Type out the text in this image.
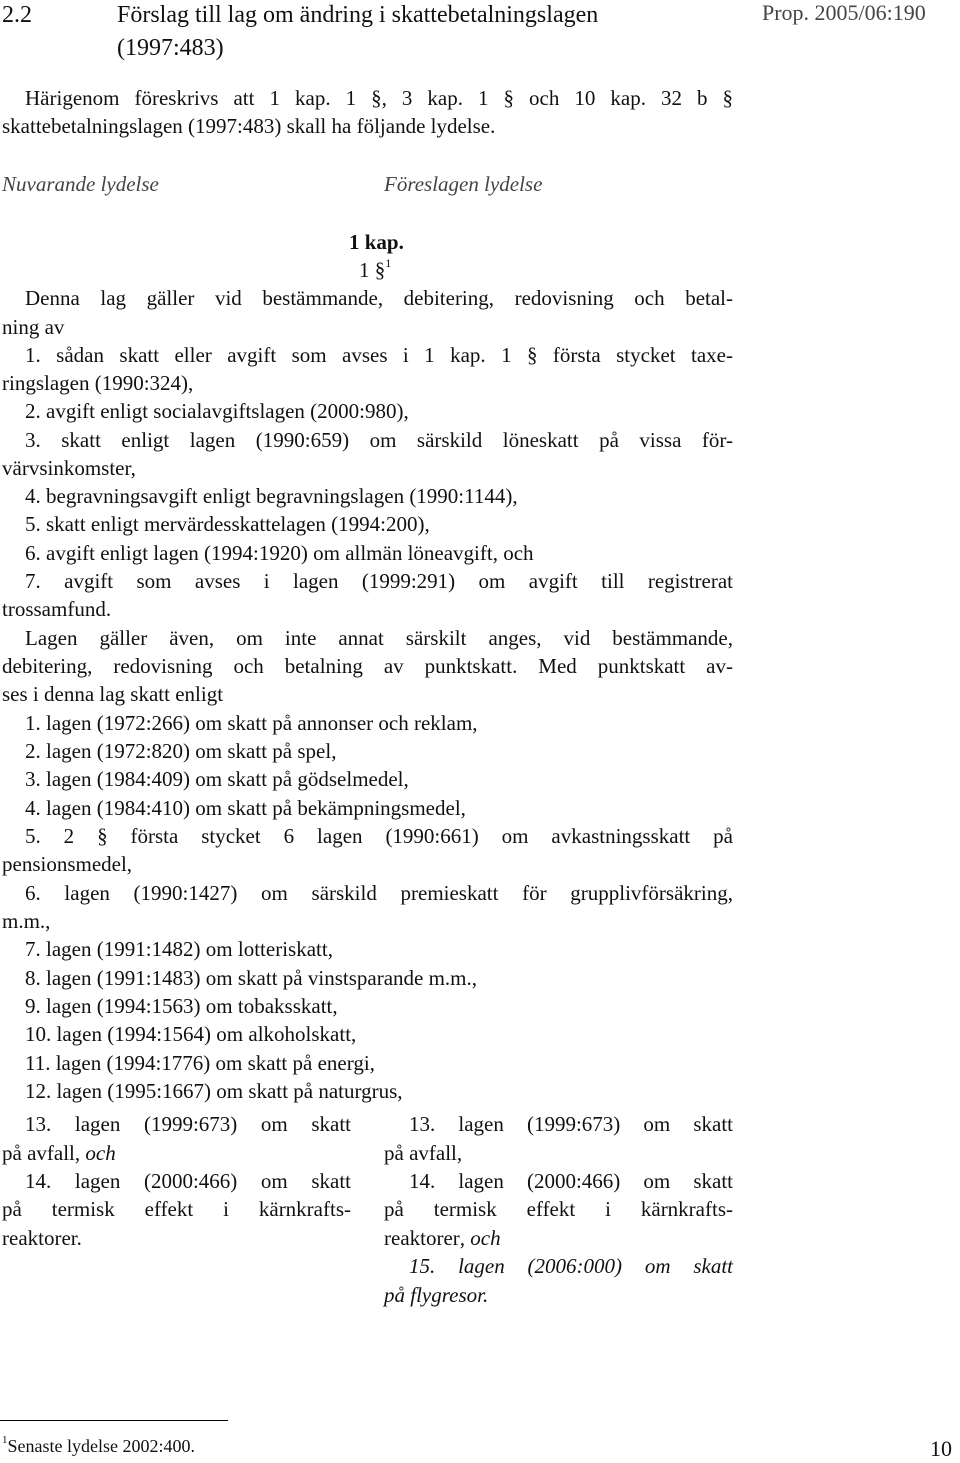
2.2	Förslag till lag om ändring i skattebetalningslagen
(1997:483)
Prop. 2005/06:190
Härigenom föreskrivs att 1 kap. 1 §, 3 kap. 1 § och 10 kap. 32 b §
skattebetalningslagen (1997:483) skall ha följande lydelse.
Nuvarande lydelse	Föreslagen lydelse
1 kap.
1 §$^1$
Denna lag gäller vid bestämmande, debitering, redovisning och betal-
ning av
1. sådan skatt eller avgift som avses i 1 kap. 1 § första stycket taxe-
ringslagen (1990:324),
2. avgift enligt socialavgiftslagen (2000:980),
3. skatt enligt lagen (1990:659) om särskild löneskatt på vissa för-
värvsinkomster,
4. begravningsavgift enligt begravningslagen (1990:1144),
5. skatt enligt mervärdesskattelagen (1994:200),
6. avgift enligt lagen (1994:1920) om allmän löneavgift, och
7. avgift som avses i lagen (1999:291) om avgift till registrerat
trossamfund.
Lagen gäller även, om inte annat särskilt anges, vid bestämmande,
debitering, redovisning och betalning av punktskatt. Med punktskatt av-
ses i denna lag skatt enligt
1. lagen (1972:266) om skatt på annonser och reklam,
2. lagen (1972:820) om skatt på spel,
3. lagen (1984:409) om skatt på gödselmedel,
4. lagen (1984:410) om skatt på bekämpningsmedel,
5. 2 § första stycket 6 lagen (1990:661) om avkastningsskatt på
pensionsmedel,
6. lagen (1990:1427) om särskild premieskatt för grupplivförsäkring,
m.m.,
7. lagen (1991:1482) om lotteriskatt,
8. lagen (1991:1483) om skatt på vinstsparande m.m.,
9. lagen (1994:1563) om tobaksskatt,
10. lagen (1994:1564) om alkoholskatt,
11. lagen (1994:1776) om skatt på energi,
12. lagen (1995:1667) om skatt på naturgrus,
13. lagen (1999:673) om skatt
på avfall, och
14. lagen (2000:466) om skatt
på termisk effekt i kärnkrafts-
reaktorer.
13. lagen (1999:673) om skatt
på avfall,
14. lagen (2000:466) om skatt
på termisk effekt i kärnkrafts-
reaktorer, och
15. lagen (2006:000) om skatt
på flygresor.
$^1$Senaste lydelse 2002:400.	10
